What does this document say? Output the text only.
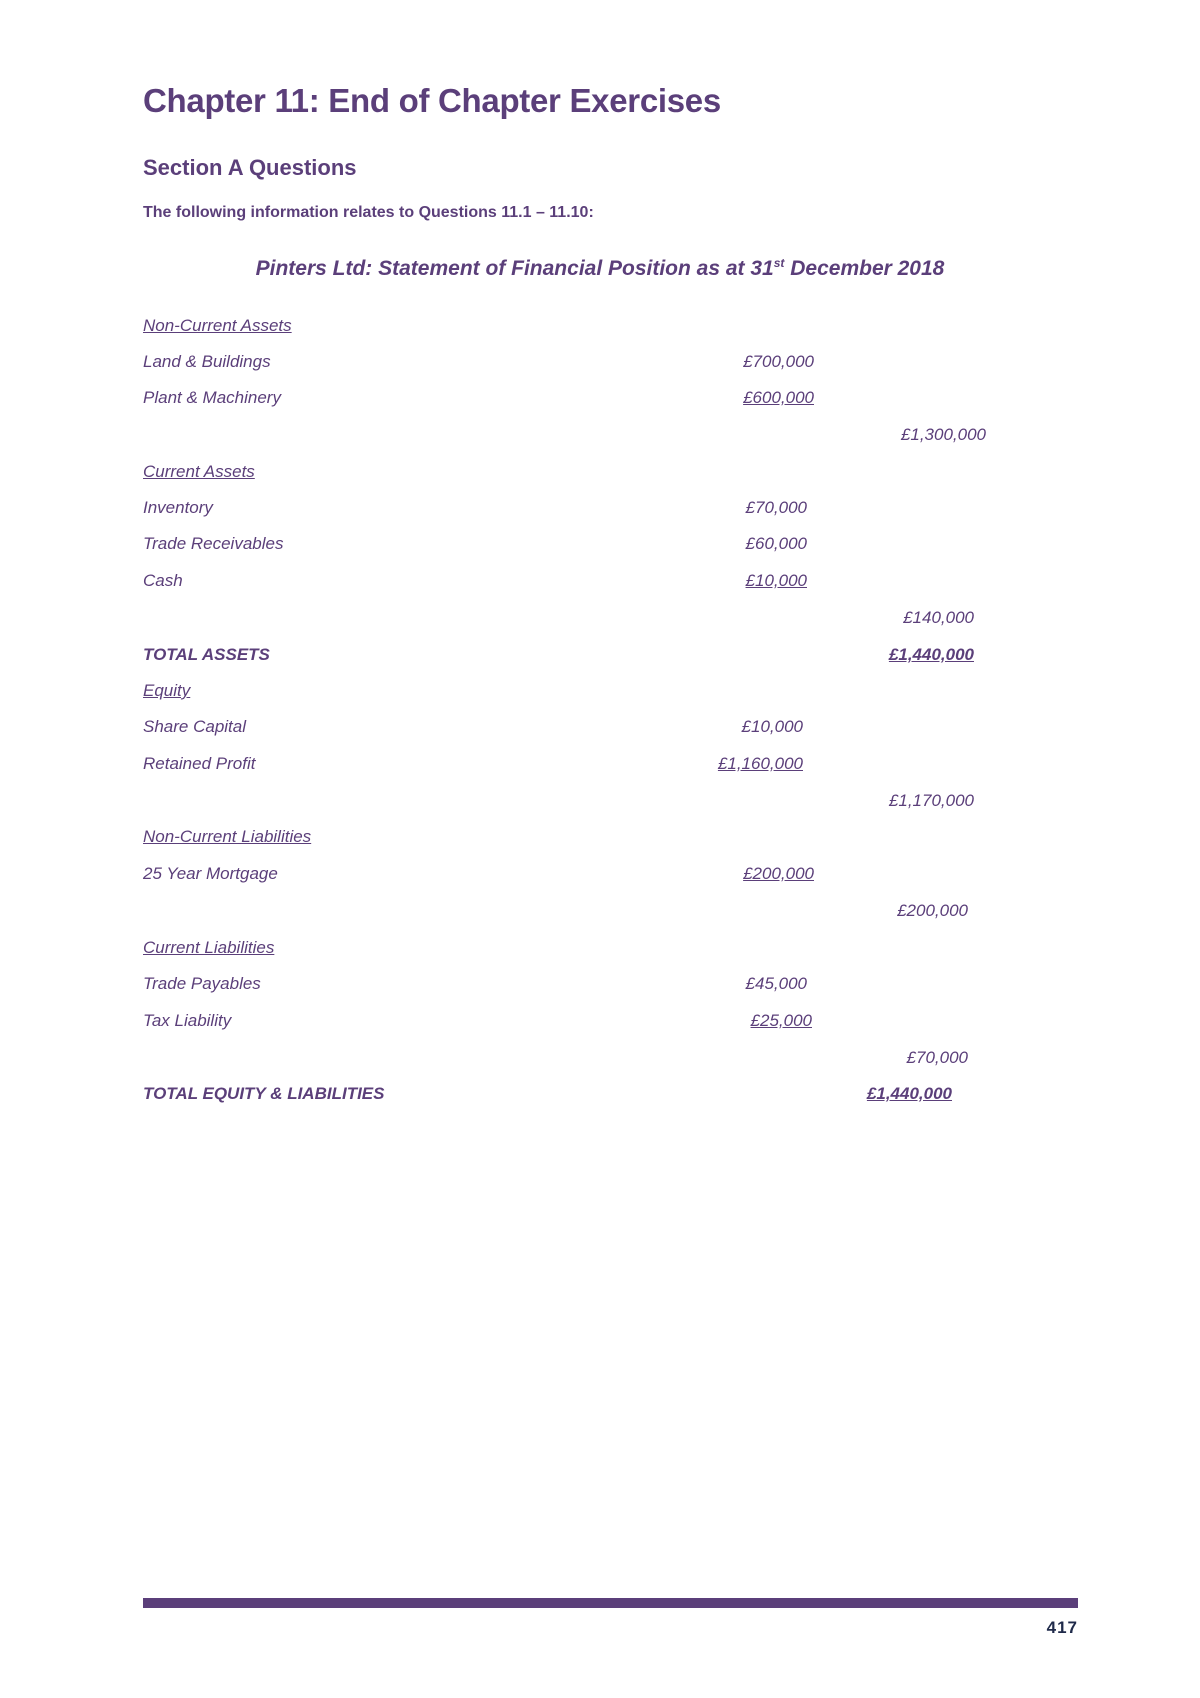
Chapter 11: End of Chapter Exercises
Section A Questions
The following information relates to Questions 11.1 – 11.10:
Pinters Ltd: Statement of Financial Position as at 31st December 2018
Non-Current Assets
Land & Buildings	£700,000
Plant & Machinery	£600,000
£1,300,000
Current Assets
Inventory	£70,000
Trade Receivables	£60,000
Cash	£10,000
£140,000
TOTAL ASSETS	£1,440,000
Equity
Share Capital	£10,000
Retained Profit	£1,160,000
£1,170,000
Non-Current Liabilities
25 Year Mortgage	£200,000
£200,000
Current Liabilities
Trade Payables	£45,000
Tax Liability	£25,000
£70,000
TOTAL EQUITY & LIABILITIES	£1,440,000
417
